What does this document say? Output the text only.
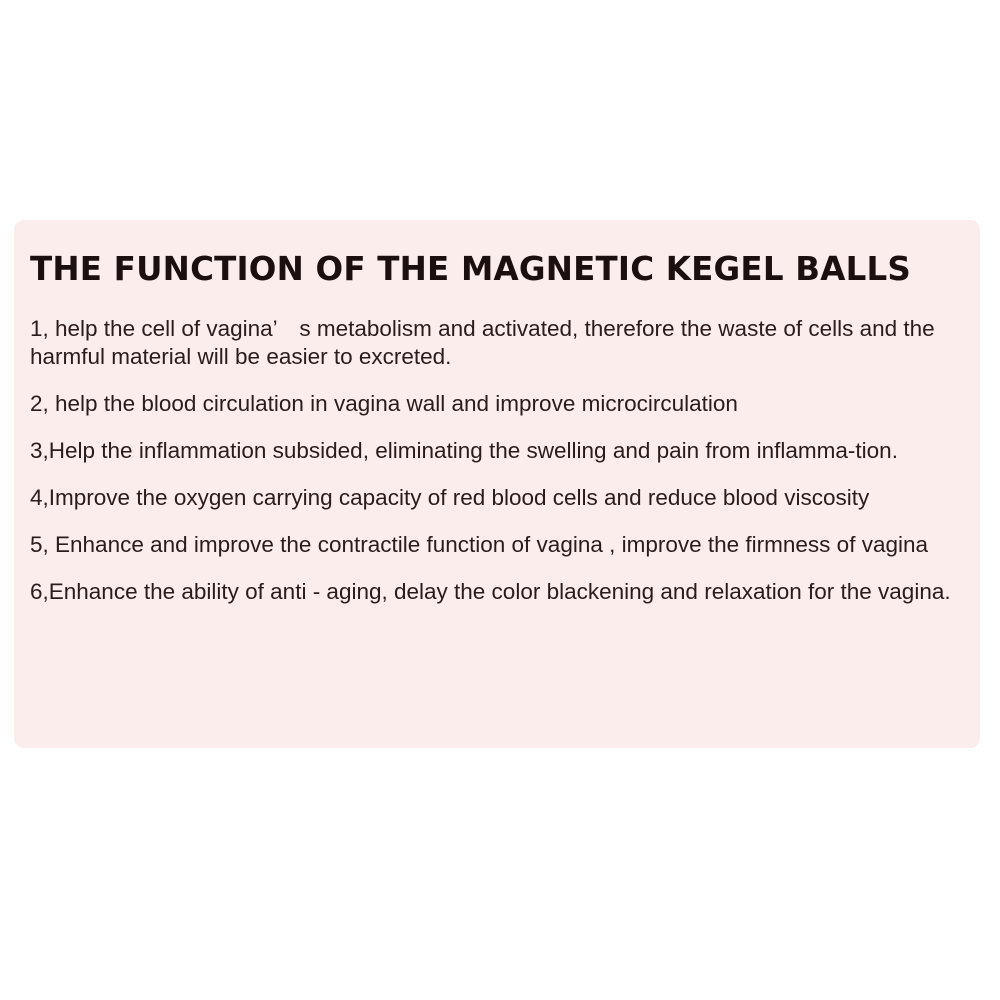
THE FUNCTION OF THE MAGNETIC KEGEL BALLS
1, help the cell of vagina’　s metabolism and activated, therefore the waste of cells and the harmful material will be easier to excreted.
2, help the blood circulation in vagina wall and improve microcirculation
3,Help the inflammation subsided, eliminating the swelling and pain from inflamma-tion.
4,Improve the oxygen carrying capacity of red blood cells and reduce blood viscosity
5, Enhance and improve the contractile function of vagina , improve the firmness of vagina
6,Enhance the ability of anti - aging, delay the color blackening and relaxation for the vagina.
